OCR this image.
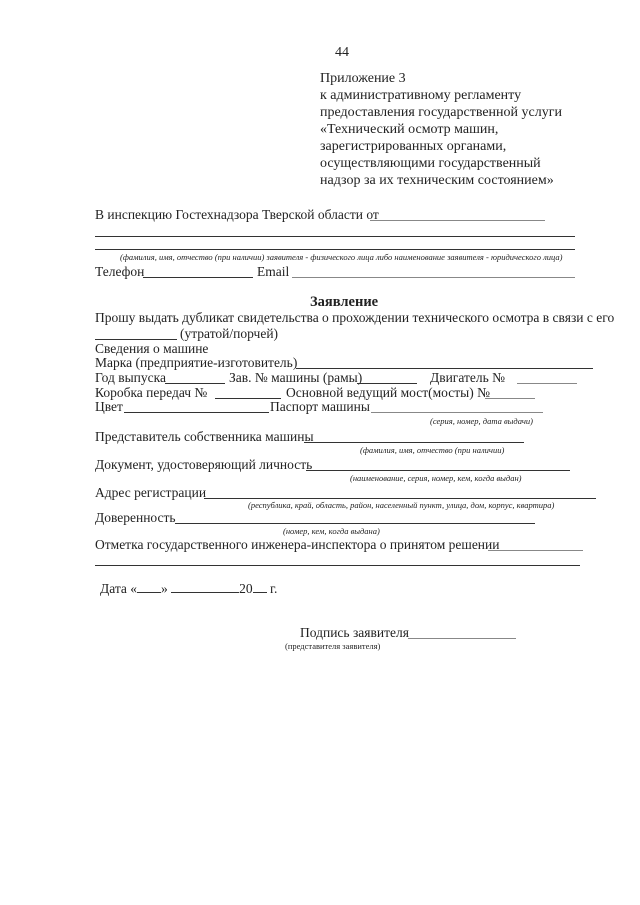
44
Приложение 3
к административному регламенту
предоставления государственной услуги
«Технический осмотр машин,
зарегистрированных органами,
осуществляющими государственный
надзор за их техническим состоянием»
В инспекцию Гостехнадзора Тверской области от
(фамилия, имя, отчество (при наличии) заявителя - физического лица либо наименование заявителя - юридического лица)
Телефон	Email
Заявление
Прошу выдать дубликат свидетельства о прохождении технического осмотра в связи с его
(утратой/порчей)
Сведения о машине
Марка (предприятие-изготовитель)
Год выпуска	Зав. № машины (рамы)	Двигатель №
Коробка передач №	Основной ведущий мост(мосты) №
Цвет	Паспорт машины
(серия, номер, дата выдачи)
Представитель собственника машины
(фамилия, имя, отчество (при наличии)
Документ, удостоверяющий личность
(наименование, серия, номер, кем, когда выдан)
Адрес регистрации
(республика, край, область, район, населенный пункт, улица, дом, корпус, квартира)
Доверенность
(номер, кем, когда выдана)
Отметка государственного инженера-инспектора о принятом решении
Дата « »	20 г.
Подпись заявителя
(представителя заявителя)
